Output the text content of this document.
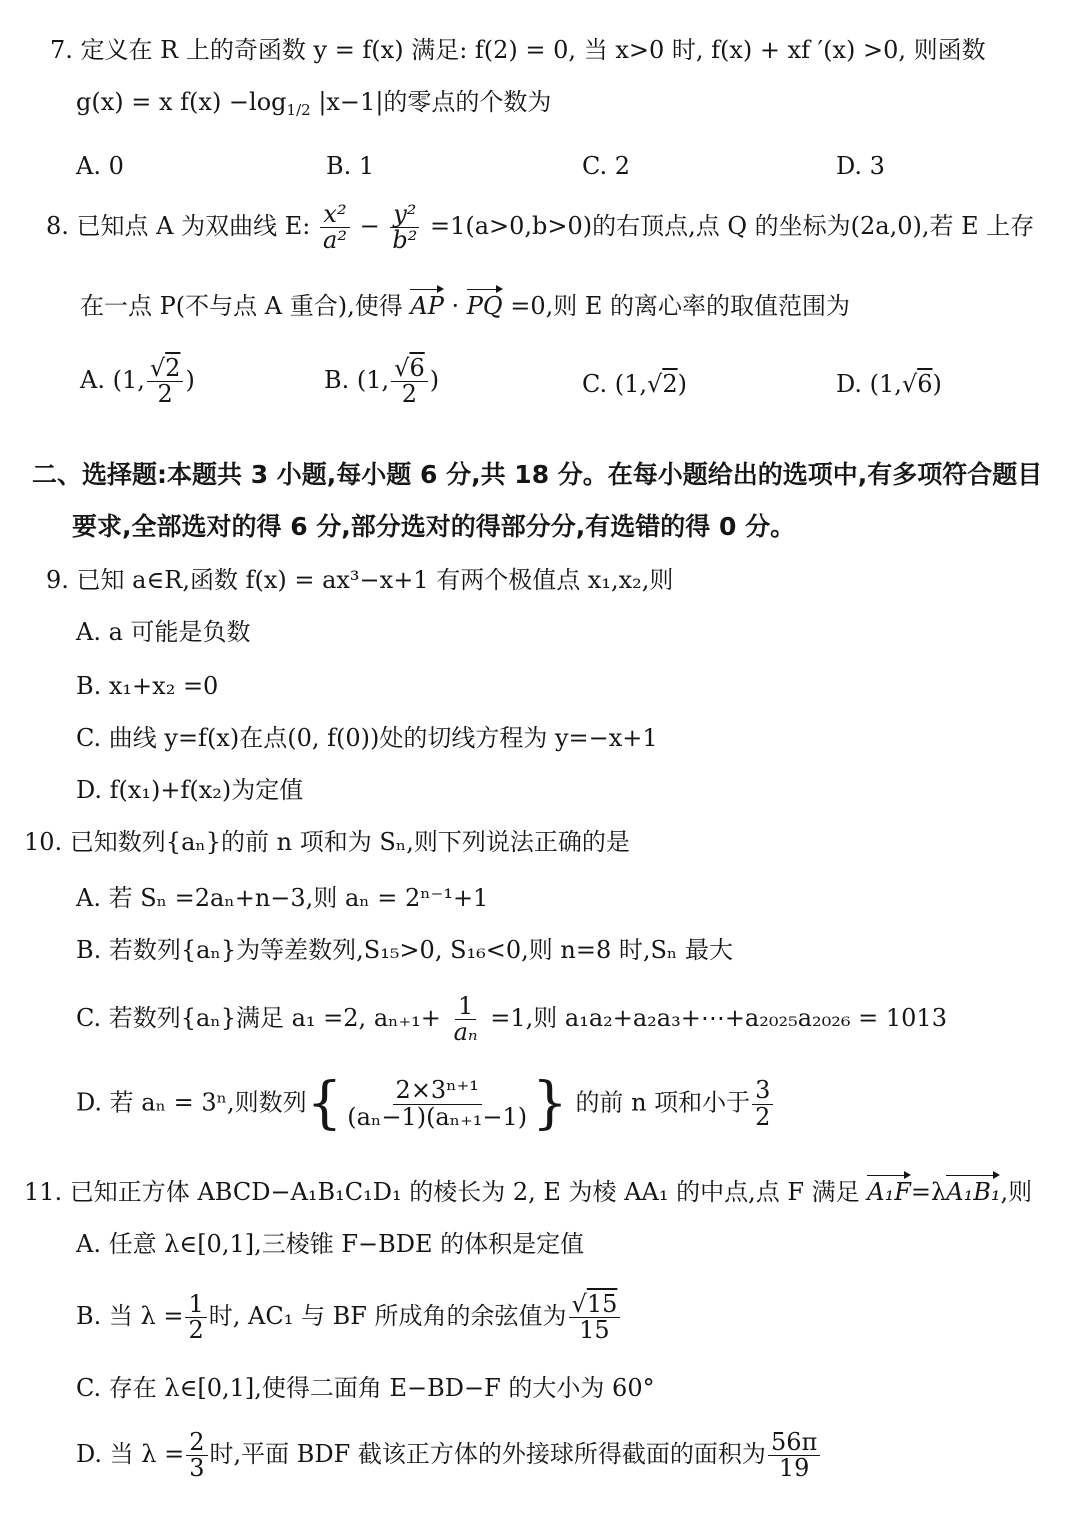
7. 定义在 R 上的奇函数 y = f(x) 满足: f(2) = 0, 当 x>0 时, f(x) + xf ′(x) >0, 则函数
g(x) = x $f(x) -\log_{1/2}$ |x−1|的零点的个数为
A. 0	B. 1	C. 2	D. 3
8. 已知点 A 为双曲线 E: $\frac{\text{x²}}{\text{a²}} - \frac{\text{y²}}{\text{b²}} =1(a>0,b>0)$的右顶点,点 Q 的坐标为(2a,0),若 E 上存
在一点 P(不与点 A 重合),使得 AP · PQ =0,则 E 的离心率的取值范围为
A. (1, $\frac{√2}{2}$ )	B. (1, $\frac{√6}{2}$ )	C. (1,√2)	D. (1,√6)
二、选择题:本题共 3 小题,每小题 6 分,共 18 分。在每小题给出的选项中,有多项符合题目
要求,全部选对的得 6 分,部分选对的得部分分,有选错的得 0 分。
9. 已知 a∈R,函数 f(x) = ax³−x+1 有两个极值点 x₁,x₂,则
A. a 可能是负数
B. x₁+x₂ =0
C. 曲线 y=f(x)在点(0, f(0))处的切线方程为 y=−x+1
D. f(x₁)+f(x₂)为定值
10. 已知数列{aₙ}的前 n 项和为 Sₙ,则下列说法正确的是
A. 若 Sₙ =2aₙ+n−3,则 aₙ = 2ⁿ⁻¹+1
B. 若数列{aₙ}为等差数列,S₁₅>0, S₁₆<0,则 n=8 时,Sₙ 最大
C. 若数列{aₙ}满足 a₁ =2, $a_{n+1}+ \frac{1}{\text{aₙ}} =1$,则 a₁a₂+a₂a₃+⋯+a₂₀₂₅a₂₀₂₆ = 1013
D. 若 aₙ = 3ⁿ,则数列{ $\frac{\text{2×3ⁿ⁺¹}}{\text{(aₙ−1)(aₙ₊₁−1)}}$ } 的前 n 项和小于 $\frac{3}{2}$
11. 已知正方体 ABCD−A₁B₁C₁D₁ 的棱长为 2, E 为棱 AA₁ 的中点,点 F 满足 A₁F=λA₁B₁,则
A. 任意 λ∈[0,1],三棱锥 F−BDE 的体积是定值
B. 当 $\lambda = \frac{1}{2}$ 时, AC₁ 与 BF 所成角的余弦值为 $\frac{√15}{15}$
C. 存在 λ∈[0,1],使得二面角 E−BD−F 的大小为 60°
D. 当 $\lambda = \frac{2}{3}$ 时,平面 BDF 截该正方体的外接球所得截面的面积为 $\frac{56\pi}{19}$
